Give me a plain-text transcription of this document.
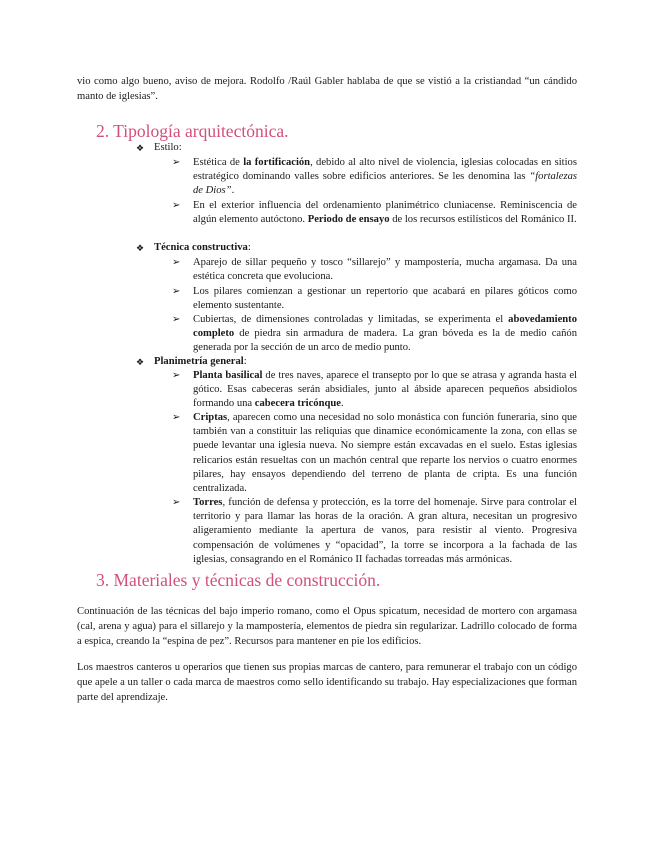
vio como algo bueno, aviso de mejora. Rodolfo /Raúl Gabler hablaba de que se vistió a la cristiandad “un cándido manto de iglesias”.

2. Tipología arquitectónica.
❖ Estilo:
➢ Estética de la fortificación, debido al alto nivel de violencia, iglesias colocadas en sitios estratégico dominando valles sobre edificios anteriores. Se les denomina las “fortalezas de Dios”.

➢ En el exterior influencia del ordenamiento planimétrico cluniacense. Reminiscencia de algún elemento autóctono. Periodo de ensayo de los recursos estilísticos del Románico II.

❖ Técnica constructiva:
➢ Aparejo de sillar pequeño y tosco “sillarejo” y mampostería, mucha argamasa. Da una estética concreta que evoluciona.

➢ Los pilares comienzan a gestionar un repertorio que acabará en pilares góticos como elemento sustentante.

➢ Cubiertas, de dimensiones controladas y limitadas, se experimenta el abovedamiento completo de piedra sin armadura de madera. La gran bóveda es la de medio cañón generada por la sección de un arco de medio punto.

❖ Planimetría general:
➢ Planta basilical de tres naves, aparece el transepto por lo que se atrasa y agranda hasta el gótico. Esas cabeceras serán absidiales, junto al ábside aparecen pequeños absidiolos formando una cabecera tricónque.

➢ Criptas, aparecen como una necesidad no solo monástica con función funeraria, sino que también van a constituir las reliquias que dinamice económicamente la zona, con ellas se puede levantar una iglesia nueva. No siempre están excavadas en el suelo. Estas iglesias relicarios están resueltas con un machón central que reparte los nervios o cuatro enormes pilares, hay ensayos dependiendo del terreno de planta de cripta. Es una función centralizada.

➢ Torres, función de defensa y protección, es la torre del homenaje. Sirve para controlar el territorio y para llamar las horas de la oración. A gran altura, necesitan un progresivo aligeramiento mediante la apertura de vanos, para resistir al viento. Progresiva compensación de volúmenes y “opacidad”, la torre se incorpora a la fachada de las iglesias, consagrando en el Románico II fachadas torreadas más armónicas.

3. Materiales y técnicas de construcción.

Continuación de las técnicas del bajo imperio romano, como el Opus spicatum, necesidad de mortero con argamasa (cal, arena y agua) para el sillarejo y la mampostería, elementos de piedra sin regularizar. Ladrillo colocado de forma a espica, creando la “espina de pez”. Recursos para mantener en pie los edificios.

Los maestros canteros u operarios que tienen sus propias marcas de cantero, para remunerar el trabajo con un código que apele a un taller o cada marca de maestros como sello identificando su trabajo. Hay especializaciones que forman parte del aprendizaje.
